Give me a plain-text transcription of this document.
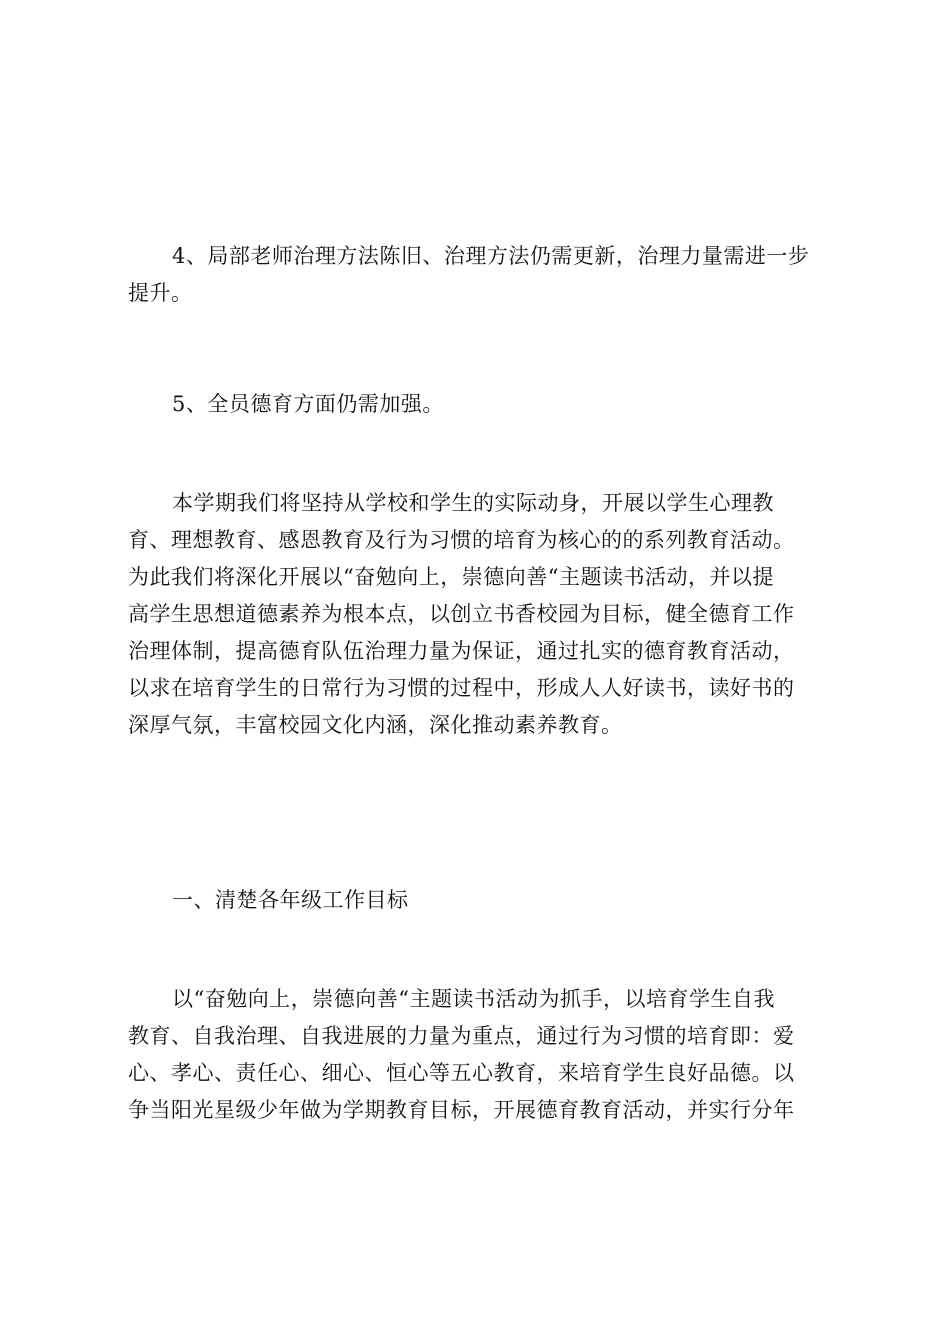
4、局部老师治理方法陈旧、治理方法仍需更新，治理力量需进一步
提升。

5、全员德育方面仍需加强。

本学期我们将坚持从学校和学生的实际动身，开展以学生心理教
育、理想教育、感恩教育及行为习惯的培育为核心的的系列教育活动。
为此我们将深化开展以“奋勉向上，崇德向善“主题读书活动，并以提
高学生思想道德素养为根本点，以创立书香校园为目标，健全德育工作
治理体制，提高德育队伍治理力量为保证，通过扎实的德育教育活动，
以求在培育学生的日常行为习惯的过程中，形成人人好读书，读好书的
深厚气氛，丰富校园文化内涵，深化推动素养教育。

一、清楚各年级工作目标

以“奋勉向上，崇德向善“主题读书活动为抓手，以培育学生自我
教育、自我治理、自我进展的力量为重点，通过行为习惯的培育即：爱
心、孝心、责任心、细心、恒心等五心教育，来培育学生良好品德。以
争当阳光星级少年做为学期教育目标，开展德育教育活动，并实行分年
